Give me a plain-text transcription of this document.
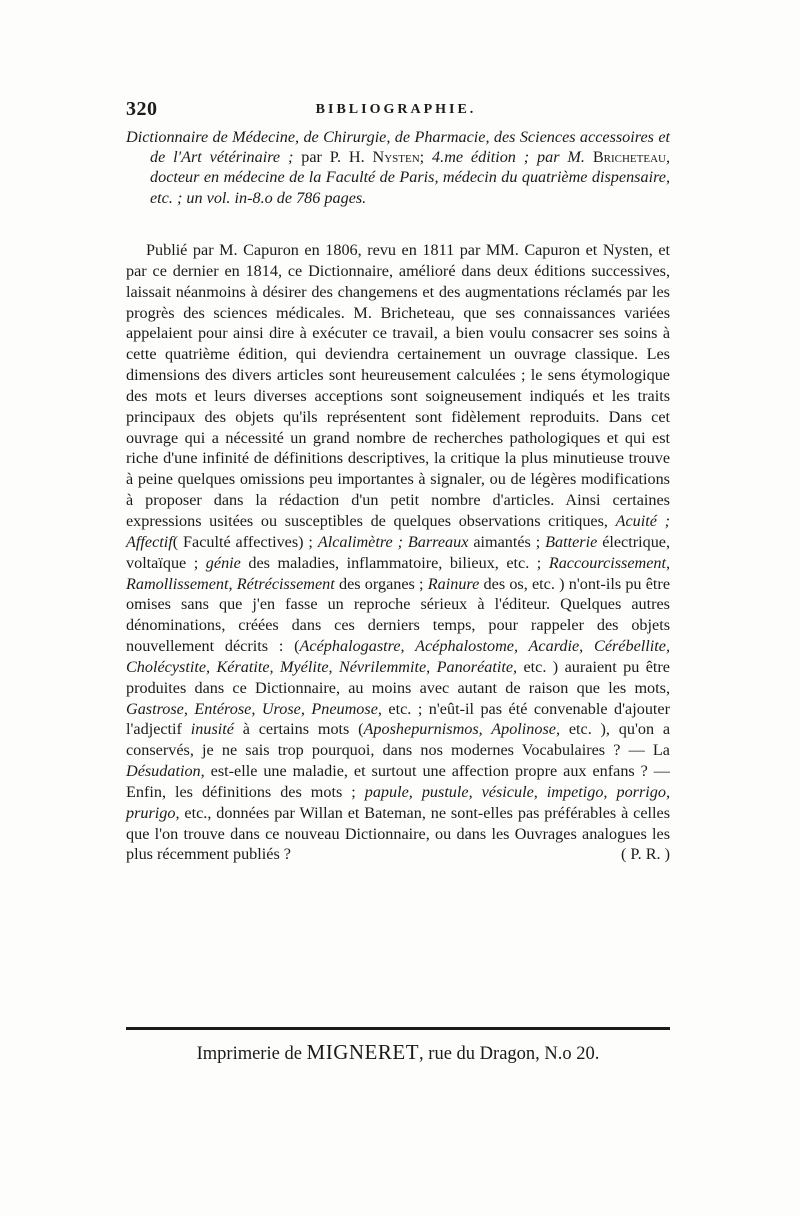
320	BIBLIOGRAPHIE.

Dictionnaire de Médecine, de Chirurgie, de Pharmacie, des Sciences accessoires et de l'Art vétérinaire ; par P. H. Nysten; 4.me édition ; par M. Bricheteau, docteur en médecine de la Faculté de Paris, médecin du quatrième dispensaire, etc. ; un vol. in-8.o de 786 pages.

Publié par M. Capuron en 1806, revu en 1811 par MM. Capuron et Nysten, et par ce dernier en 1814, ce Dictionnaire, amélioré dans deux éditions successives, laissait néanmoins à désirer des changemens et des augmentations réclamés par les progrès des sciences médicales. M. Bricheteau, que ses connaissances variées appelaient pour ainsi dire à exécuter ce travail, a bien voulu consacrer ses soins à cette quatrième édition, qui deviendra certainement un ouvrage classique. Les dimensions des divers articles sont heureusement calculées ; le sens étymologique des mots et leurs diverses acceptions sont soigneusement indiqués et les traits principaux des objets qu'ils représentent sont fidèlement reproduits. Dans cet ouvrage qui a nécessité un grand nombre de recherches pathologiques et qui est riche d'une infinité de définitions descriptives, la critique la plus minutieuse trouve à peine quelques omissions peu importantes à signaler, ou de légères modifications à proposer dans la rédaction d'un petit nombre d'articles. Ainsi certaines expressions usitées ou susceptibles de quelques observations critiques, Acuité ; Affectif( Faculté affectives) ; Alcalimètre ; Barreaux aimantés ; Batterie électrique, voltaïque ; génie des maladies, inflammatoire, bilieux, etc. ; Raccourcissement, Ramollissement, Rétrécissement des organes ; Rainure des os, etc. ) n'ont-ils pu être omises sans que j'en fasse un reproche sérieux à l'éditeur. Quelques autres dénominations, créées dans ces derniers temps, pour rappeler des objets nouvellement décrits : (Acéphalogastre, Acéphalostome, Acardie, Cérébellite, Cholécystite, Kératite, Myélite, Névrilemmite, Panoréatite, etc. ) auraient pu être produites dans ce Dictionnaire, au moins avec autant de raison que les mots, Gastrose, Entérose, Urose, Pneumose, etc. ; n'eût-il pas été convenable d'ajouter l'adjectif inusité à certains mots (Aposhepurnismos, Apolinose, etc. ), qu'on a conservés, je ne sais trop pourquoi, dans nos modernes Vocabulaires ? — La Désudation, est-elle une maladie, et surtout une affection propre aux enfans ? — Enfin, les définitions des mots ; papule, pustule, vésicule, impetigo, porrigo, prurigo, etc., données par Willan et Bateman, ne sont-elles pas préférables à celles que l'on trouve dans ce nouveau Dictionnaire, ou dans les Ouvrages analogues les plus récemment publiés ?	( P. R. )

Imprimerie de MIGNERET, rue du Dragon, N.o 20.
